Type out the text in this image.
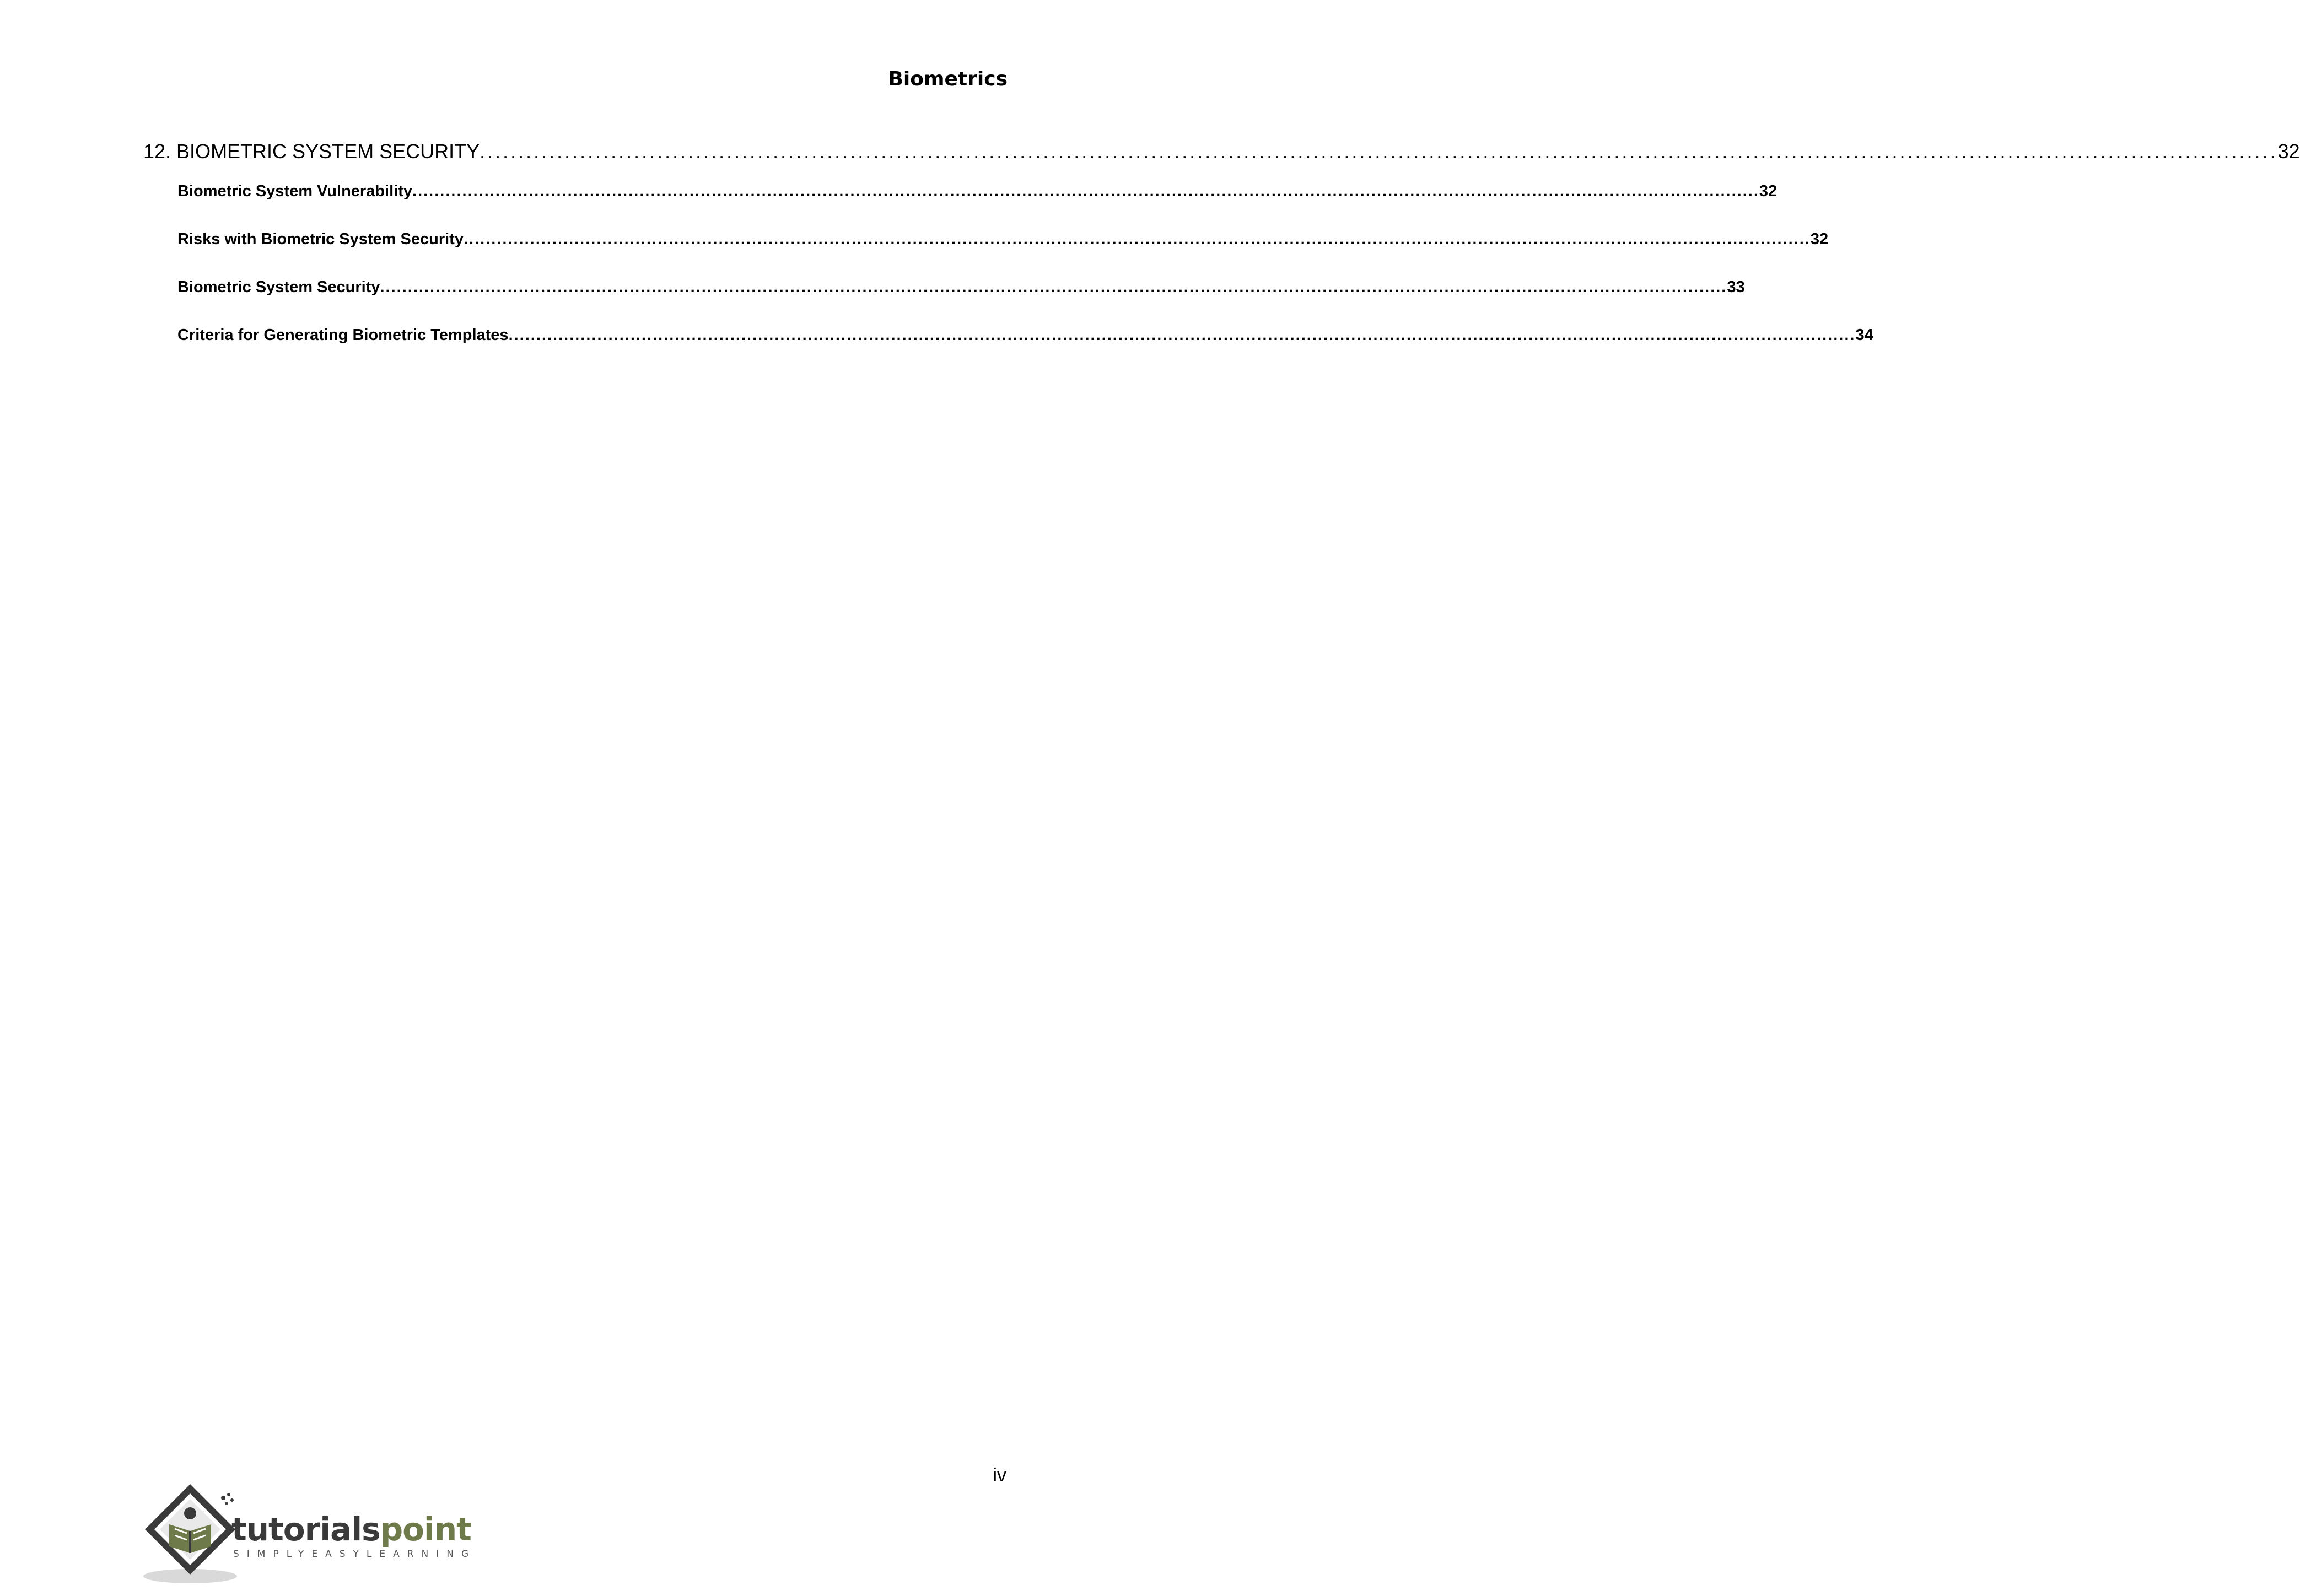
Biometrics
12. BIOMETRIC SYSTEM SECURITY ......................................................................................................................................................................................................................................... 32
Biometric System Vulnerability ................................................................................................................................................................................................................................................... 32
Risks with Biometric System Security ................................................................................................................................................................................................................................................... 32
Biometric System Security ................................................................................................................................................................................................................................................... 33
Criteria for Generating Biometric Templates ................................................................................................................................................................................................................................................... 34
iv
tutorialspoint
SIMPLYEASYLEARNING
